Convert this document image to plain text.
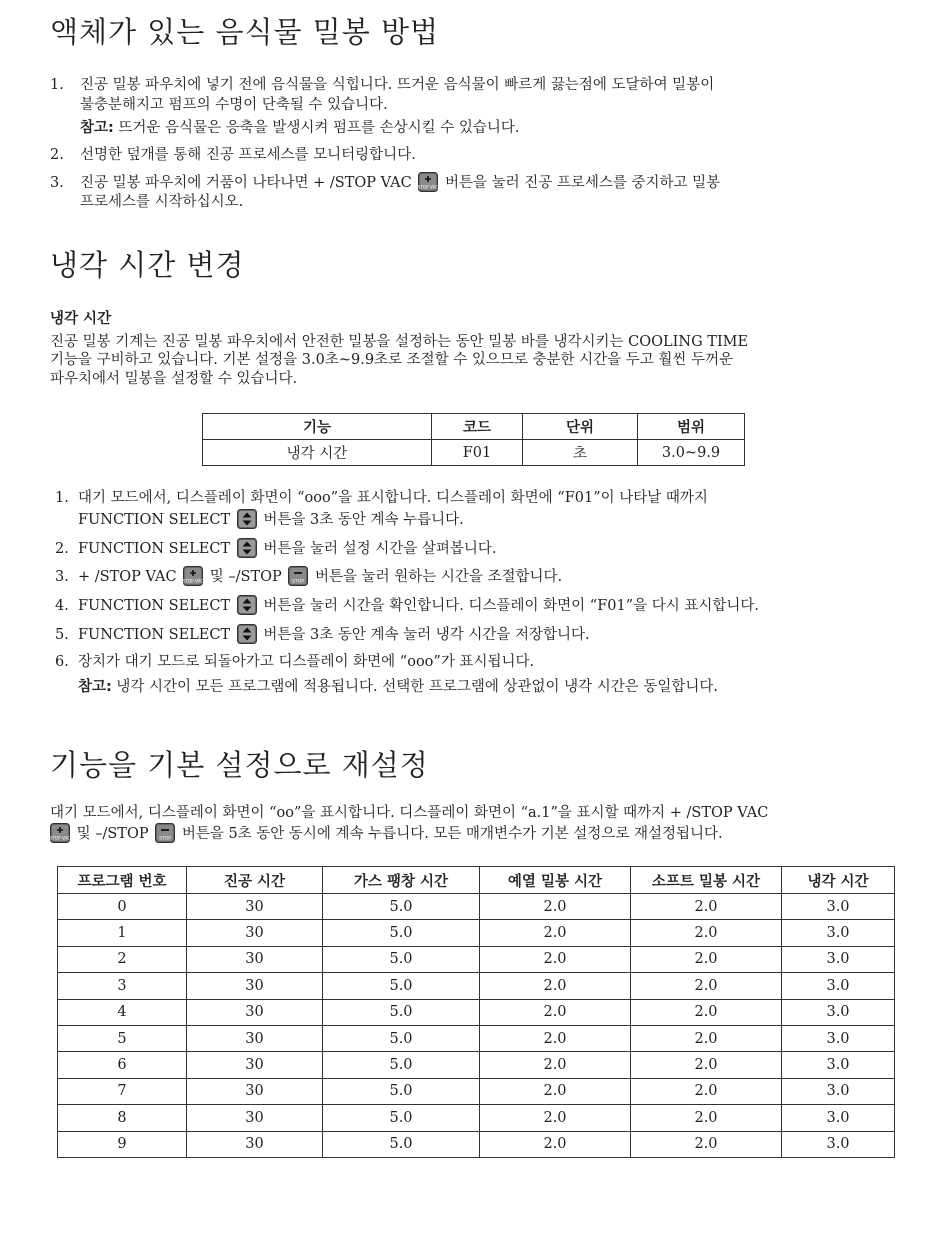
액체가 있는 음식물 밀봉 방법
1. 진공 밀봉 파우치에 넣기 전에 음식물을 식힙니다. 뜨거운 음식물이 빠르게 끓는점에 도달하여 밀봉이
불충분해지고 펌프의 수명이 단축될 수 있습니다.
참고: 뜨거운 음식물은 응축을 발생시켜 펌프를 손상시킬 수 있습니다.
2. 선명한 덮개를 통해 진공 프로세스를 모니터링합니다.
3. 진공 밀봉 파우치에 거품이 나타나면 + /STOP VAC 버튼을 눌러 진공 프로세스를 중지하고 밀봉
프로세스를 시작하십시오.
냉각 시간 변경
냉각 시간
진공 밀봉 기계는 진공 밀봉 파우치에서 안전한 밀봉을 설정하는 동안 밀봉 바를 냉각시키는 COOLING TIME
기능을 구비하고 있습니다. 기본 설정을 3.0초~9.9초로 조절할 수 있으므로 충분한 시간을 두고 훨씬 두꺼운
파우치에서 밀봉을 설정할 수 있습니다.
기능	코드	단위	범위
냉각 시간	F01	초	3.0~9.9
1. 대기 모드에서, 디스플레이 화면이 “ooo”을 표시합니다. 디스플레이 화면에 “F01”이 나타날 때까지
FUNCTION SELECT 버튼을 3초 동안 계속 누릅니다.
2. FUNCTION SELECT 버튼을 눌러 설정 시간을 살펴봅니다.
3. + /STOP VAC 및 –/STOP 버튼을 눌러 원하는 시간을 조절합니다.
4. FUNCTION SELECT 버튼을 눌러 시간을 확인합니다. 디스플레이 화면이 “F01”을 다시 표시합니다.
5. FUNCTION SELECT 버튼을 3초 동안 계속 눌러 냉각 시간을 저장합니다.
6. 장치가 대기 모드로 되돌아가고 디스플레이 화면에 “ooo”가 표시됩니다.
참고: 냉각 시간이 모든 프로그램에 적용됩니다. 선택한 프로그램에 상관없이 냉각 시간은 동일합니다.
기능을 기본 설정으로 재설정
대기 모드에서, 디스플레이 화면이 “oo”을 표시합니다. 디스플레이 화면이 “a.1”을 표시할 때까지 + /STOP VAC
및 –/STOP 버튼을 5초 동안 동시에 계속 누릅니다. 모든 매개변수가 기본 설정으로 재설정됩니다.
프로그램 번호	진공 시간	가스 팽창 시간	예열 밀봉 시간	소프트 밀봉 시간	냉각 시간
0	30	5.0	2.0	2.0	3.0
1	30	5.0	2.0	2.0	3.0
2	30	5.0	2.0	2.0	3.0
3	30	5.0	2.0	2.0	3.0
4	30	5.0	2.0	2.0	3.0
5	30	5.0	2.0	2.0	3.0
6	30	5.0	2.0	2.0	3.0
7	30	5.0	2.0	2.0	3.0
8	30	5.0	2.0	2.0	3.0
9	30	5.0	2.0	2.0	3.0
